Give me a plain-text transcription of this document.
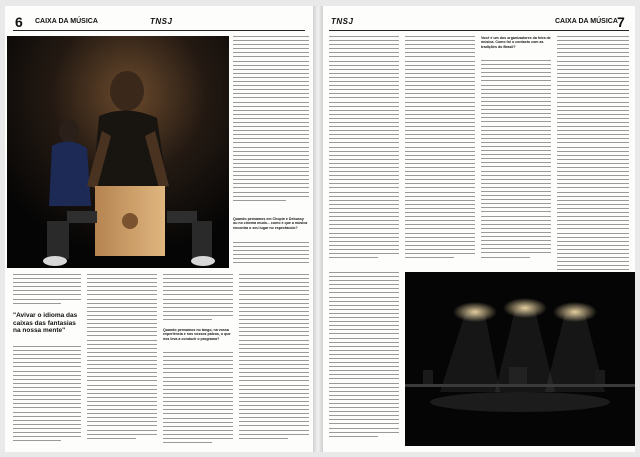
6 CAIXA DA MÚSICA	TNSJ
Quando pensamos em Chopin e Debussy ou no cinema mudo... como é que a música encontra o seu lugar no espectáculo?
"Avivar o idioma das caixas das fantasias na nossa mente"	Quando pensamos no tango, na vossa experiência e nos vossos palcos, o que nos leva a conduzir o programa?
TNSJ	CAIXA DA MÚSICA 7
Você é um dos organizadores da feira de música. Como foi o contacto com as tradições do Brasil?
